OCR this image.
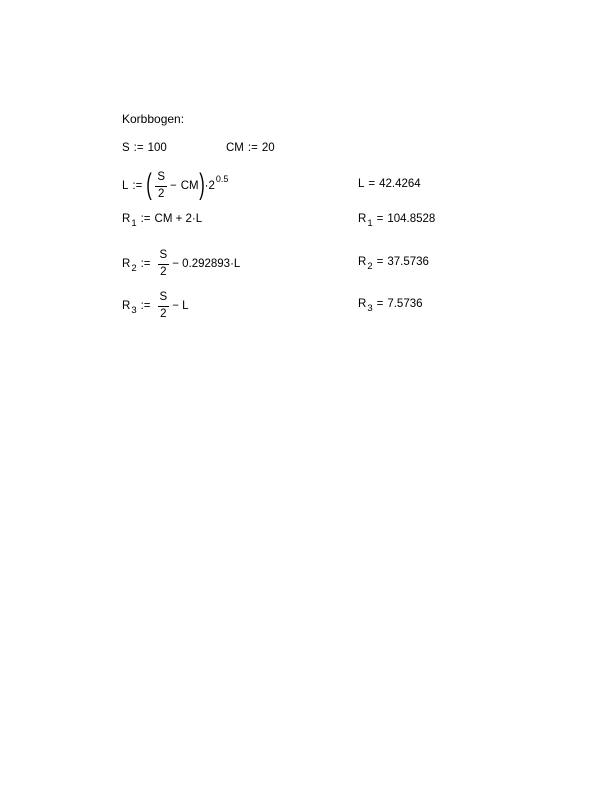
Korbbogen:
S := 100	CM := 20
L := ( $\frac{S}{2}$ − CM ) · 2
0.5	L = 42.4264
R 1 := CM + 2·L	R 1 = 104.8528
R 2 := $\frac{S}{2} - 0.292893\cdot L$	R 2 = 37.5736
R 3 := $\frac{S}{2} - L$	R 3 = 7.5736
